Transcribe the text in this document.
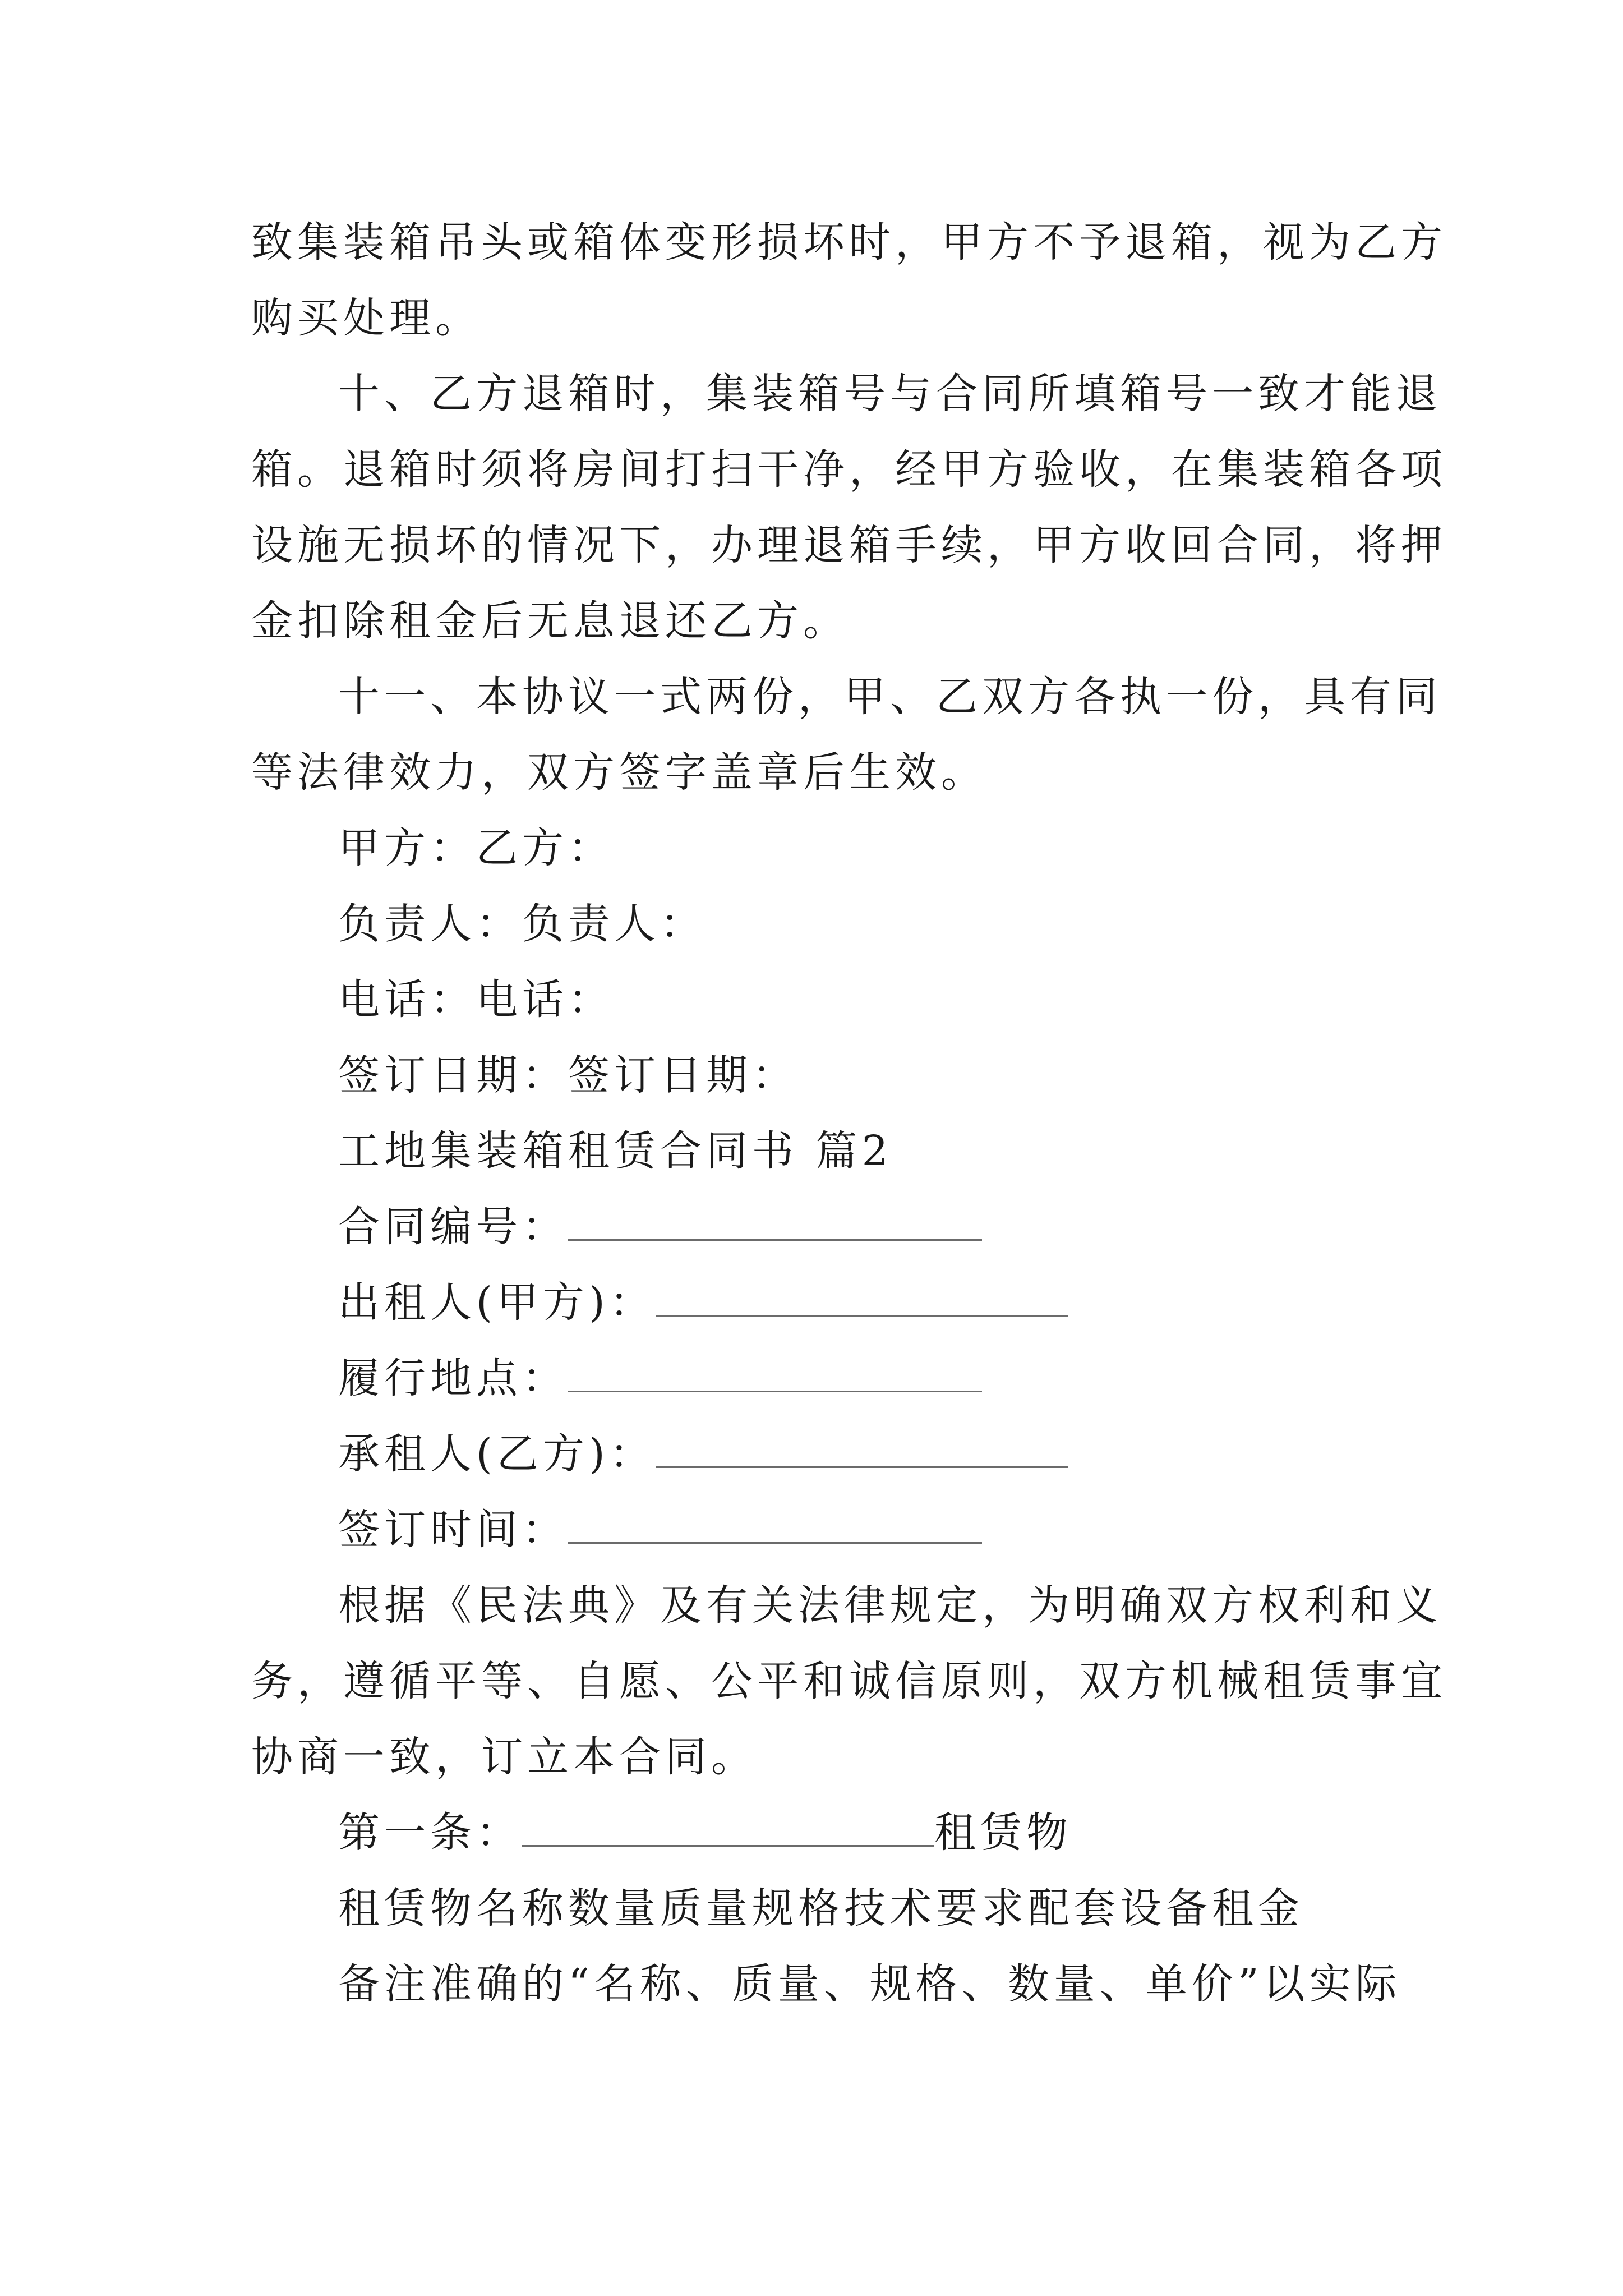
致集装箱吊头或箱体变形损坏时，甲方不予退箱，视为乙方
购买处理。
十、乙方退箱时，集装箱号与合同所填箱号一致才能退
箱。退箱时须将房间打扫干净，经甲方验收，在集装箱各项
设施无损坏的情况下，办理退箱手续，甲方收回合同，将押
金扣除租金后无息退还乙方。
十一、本协议一式两份，甲、乙双方各执一份，具有同
等法律效力，双方签字盖章后生效。
甲方：乙方：
负责人：负责人：
电话：电话：
签订日期：签订日期：
工地集装箱租赁合同书 篇2
合同编号：
出租人(甲方)：
履行地点：
承租人(乙方)：
签订时间：
根据《民法典》及有关法律规定，为明确双方权利和义
务，遵循平等、自愿、公平和诚信原则，双方机械租赁事宜
协商一致，订立本合同。
第一条：	租赁物
租赁物名称数量质量规格技术要求配套设备租金
备注准确的“名称、质量、规格、数量、单价”以实际
